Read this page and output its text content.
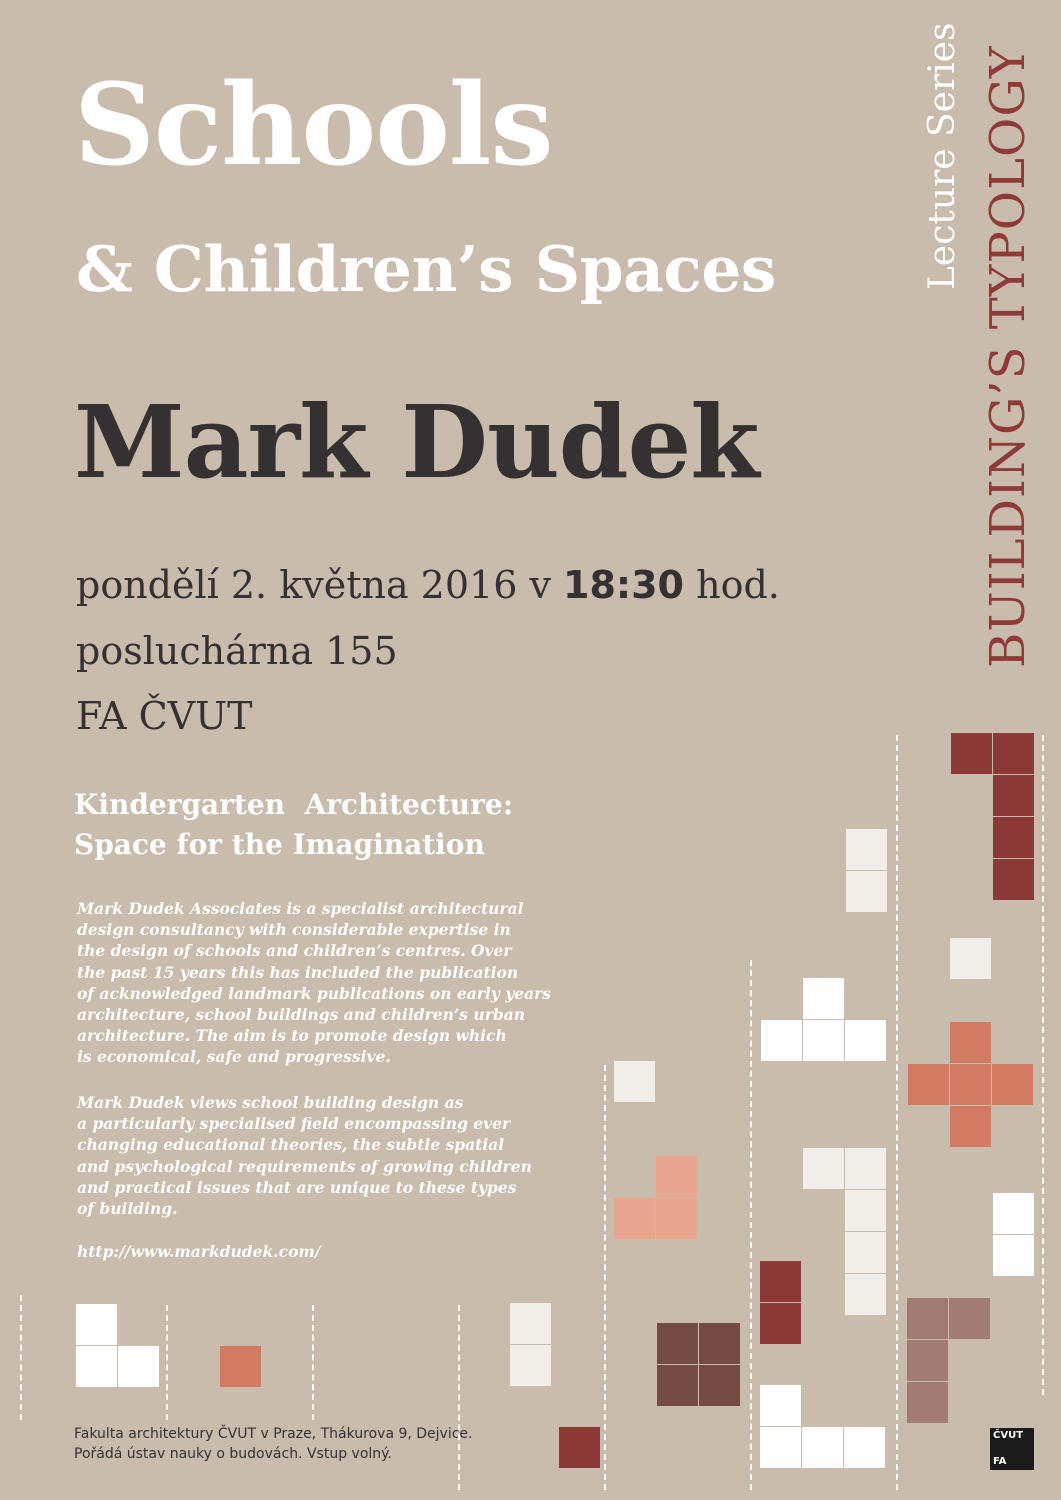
Schools
& Children’s Spaces
Mark Dudek
pondělí 2. května 2016 v 18:30 hod.
posluchárna 155
FA ČVUT
Kindergarten  Architecture:
Space for the Imagination
Mark Dudek Associates is a specialist architectural
design consultancy with considerable expertise in
the design of schools and children’s centres. Over
the past 15 years this has included the publication
of acknowledged landmark publications on early years
architecture, school buildings and children’s urban
architecture. The aim is to promote design which
is economical, safe and progressive.
Mark Dudek views school building design as
a particularly specialised field encompassing ever
changing educational theories, the subtle spatial
and psychological requirements of growing children
and practical issues that are unique to these types
of building.
http://www.markdudek.com/
Fakulta architektury ČVUT v Praze, Thákurova 9, Dejvice.
Pořádá ústav nauky o budovách. Vstup volný.
Lecture Series BUILDING’S TYPOLOGY
ČVUT
FA
